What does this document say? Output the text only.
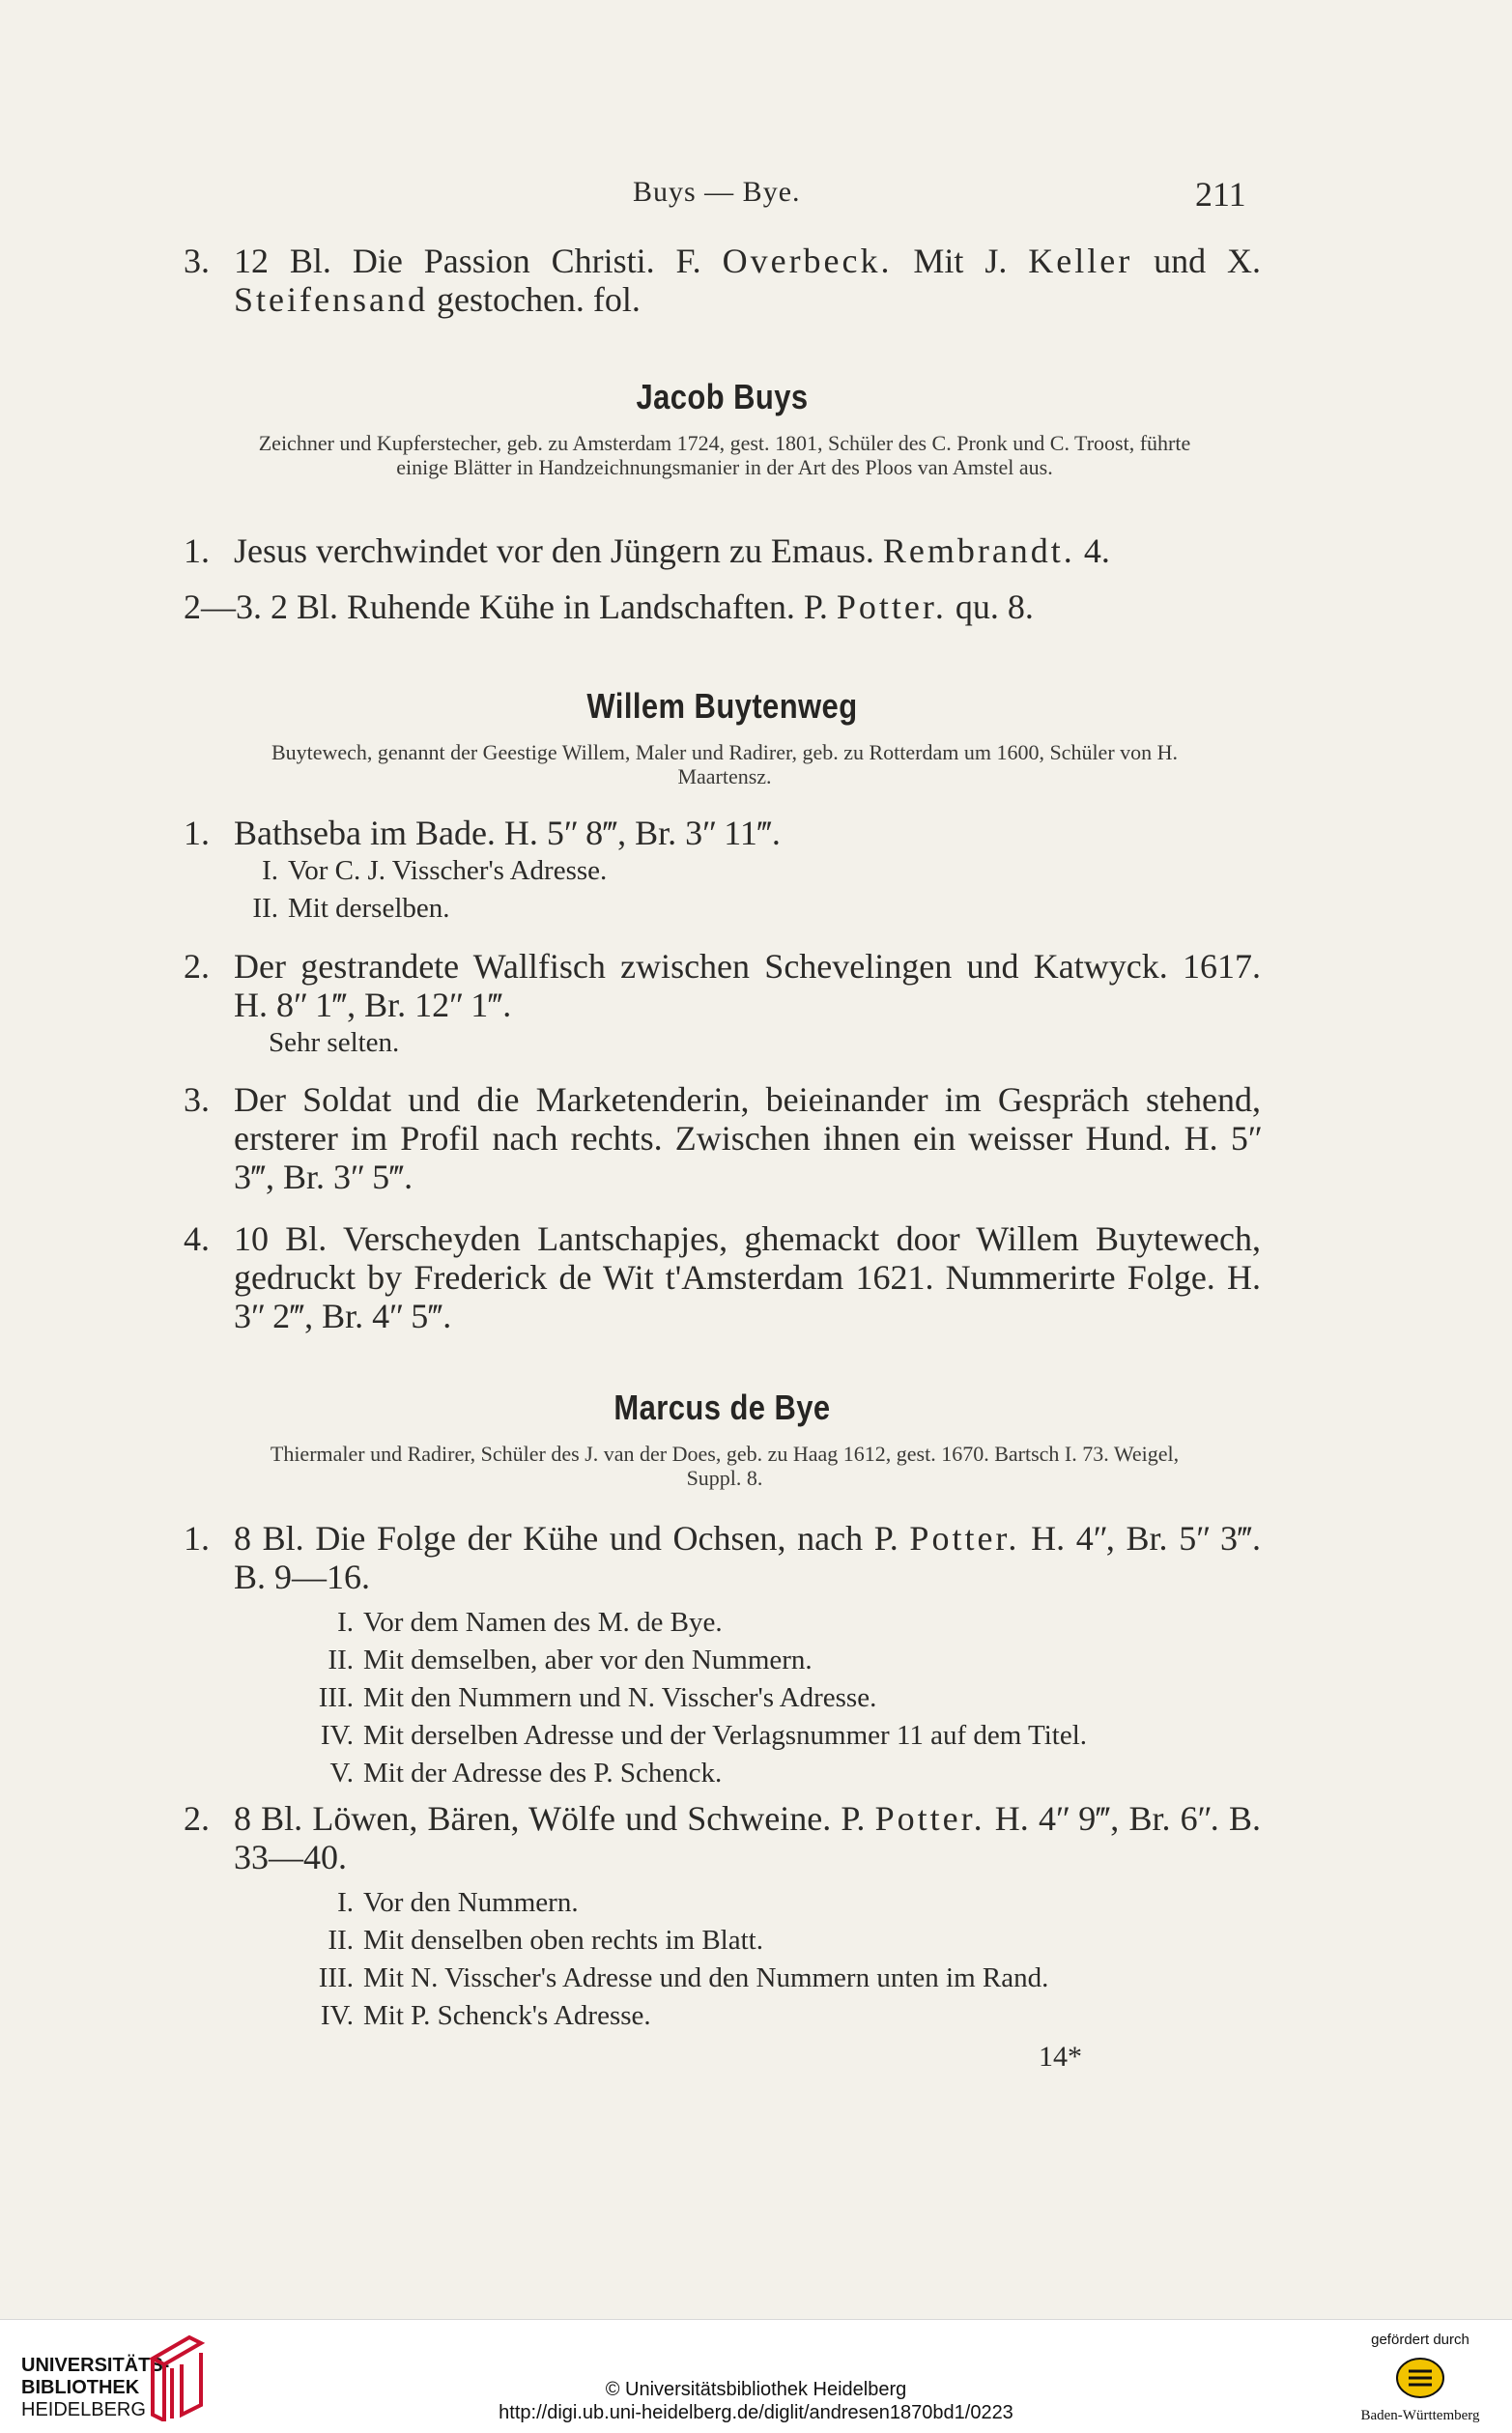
Buys — Bye.	211

3. 12 Bl. Die Passion Christi. F. Overbeck. Mit J. Keller und X. Steifensand gestochen. fol.

Jacob Buys

Zeichner und Kupferstecher, geb. zu Amsterdam 1724, gest. 1801, Schüler des C. Pronk und C. Troost, führte einige Blätter in Handzeichnungsmanier in der Art des Ploos van Amstel aus.

1. Jesus verchwindet vor den Jüngern zu Emaus. Rembrandt. 4.

2—3. 2 Bl. Ruhende Kühe in Landschaften. P. Potter. qu. 8.

Willem Buytenweg

Buytewech, genannt der Geestige Willem, Maler und Radirer, geb. zu Rotterdam um 1600, Schüler von H. Maartensz.

1. Bathseba im Bade. H. 5ʺ 8‴, Br. 3ʺ 11‴.

I. Vor C. J. Visscher's Adresse.

II. Mit derselben.

2. Der gestrandete Wallfisch zwischen Schevelingen und Katwyck. 1617. H. 8ʺ 1‴, Br. 12ʺ 1‴.

Sehr selten.

3. Der Soldat und die Marketenderin, beieinander im Gespräch stehend, ersterer im Profil nach rechts. Zwischen ihnen ein weisser Hund. H. 5ʺ 3‴, Br. 3ʺ 5‴.

4. 10 Bl. Verscheyden Lantschapjes, ghemackt door Willem Buytewech, gedruckt by Frederick de Wit t'Amsterdam 1621. Nummerirte Folge. H. 3ʺ 2‴, Br. 4ʺ 5‴.

Marcus de Bye

Thiermaler und Radirer, Schüler des J. van der Does, geb. zu Haag 1612, gest. 1670. Bartsch I. 73. Weigel, Suppl. 8.

1. 8 Bl. Die Folge der Kühe und Ochsen, nach P. Potter. H. 4ʺ, Br. 5ʺ 3‴. B. 9—16.

I. Vor dem Namen des M. de Bye.

II. Mit demselben, aber vor den Nummern.

III. Mit den Nummern und N. Visscher's Adresse.

IV. Mit derselben Adresse und der Verlagsnummer 11 auf dem Titel.

V. Mit der Adresse des P. Schenck.

2. 8 Bl. Löwen, Bären, Wölfe und Schweine. P. Potter. H. 4ʺ 9‴, Br. 6ʺ. B. 33—40.

I. Vor den Nummern.

II. Mit denselben oben rechts im Blatt.

III. Mit N. Visscher's Adresse und den Nummern unten im Rand.

IV. Mit P. Schenck's Adresse.

14*
UNIVERSITÄTS-
BIBLIOTHEK
HEIDELBERG
© Universitätsbibliothek Heidelberg
http://digi.ub.uni-heidelberg.de/diglit/andresen1870bd1/0223
gefördert durch
Baden-Württemberg
